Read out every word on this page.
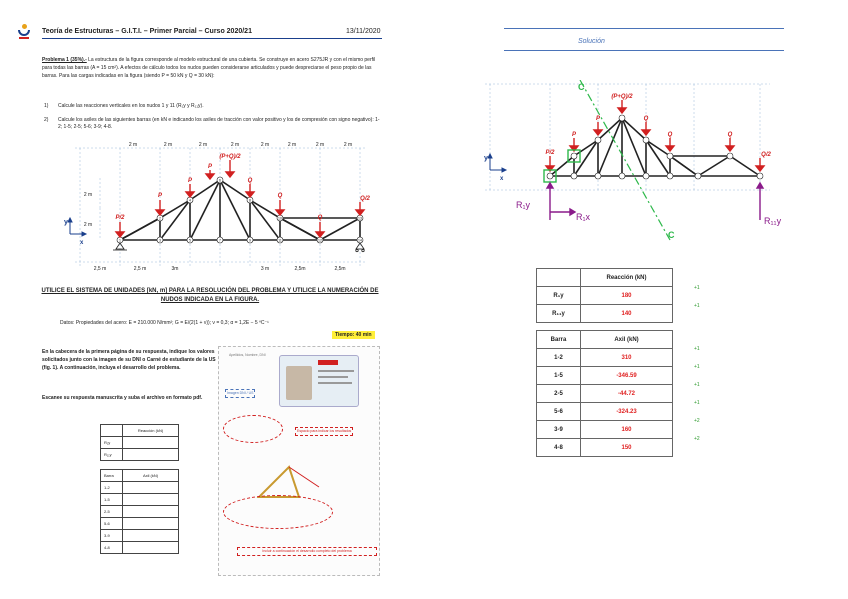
Teoría de Estructuras – G.I.T.I. – Primer Parcial – Curso 2020/21	13/11/2020
Problema 1 (35%).- La estructura de la figura corresponde al modelo estructural de una cubierta. Se construye en acero S275JR y con el mismo perfil para todas las barras (A = 15 cm²). A efectos de cálculo todos los nudos pueden considerarse articulados y puede despreciarse el peso propio de las barras. Para las cargas indicadas en la figura (siendo P = 50 kN y Q = 30 kN):
1) Calcule las reacciones verticales en los nudos 1 y 11 (R₁y y R₁₁y).
2) Calcule los axiles de las siguientes barras (en kN e indicando los axiles de tracción con valor positivo y los de compresión con signo negativo): 1-2; 1-5; 2-5; 5-6; 3-9; 4-8.
2 m	2 m	2 m	2 m	2 m	2 m	2 m	2 m
2,5 m	2,5 m	3m	3 m	2,5m	2,5m
2 m
2 m
1
2
3
4
5
6
7
8
9
10
11	12
13
14
P/2
P
P
P
(P+Q)/2
Q
Q
Q
Q/2
y
x
UTILICE EL SISTEMA DE UNIDADES [kN, m] PARA LA RESOLUCIÓN DEL PROBLEMA Y UTILICE LA NUMERACIÓN DE NUDOS INDICADA EN LA FIGURA.
Datos: Propiedades del acero: E = 210.000 N/mm²; G = E/(2(1 + ν)); ν = 0,3; α = 1,2E − 5 ºC⁻¹
Tiempo: 40 min
En la cabecera de la primera página de su respuesta, indique los valores solicitados junto con la imagen de su DNI o Carné de estudiante de la US (fig. 1). A continuación, incluya el desarrollo del problema.
Escanee su respuesta manuscrita y suba el archivo en formato pdf.
	Reacción (kN)
R₁y	
R₁₁y	
Barra	Axil (kN)
1-2	
1-5	
2-5	
5-6	
3-9	
4-8	
Apellidos, Nombre, DNI
Imagen DNI / US
Espacio para indicar los resultados
Incluir a continuación el desarrollo completo del problema
Solución
P/2
P
P
(P+Q)/2
Q
Q	Q
Q/2
C
C
R₁y
R₁x	R₁₁y
y
x
	Reacción (kN)
R₁y	180
R₁₁y	140
+1
+1
Barra	Axil (kN)
1-2	310
1-5	-346.59
2-5	-44.72
5-6	-324.23
3-9	160
4-8	150
+1
+1
+1
+1
+2
+2
